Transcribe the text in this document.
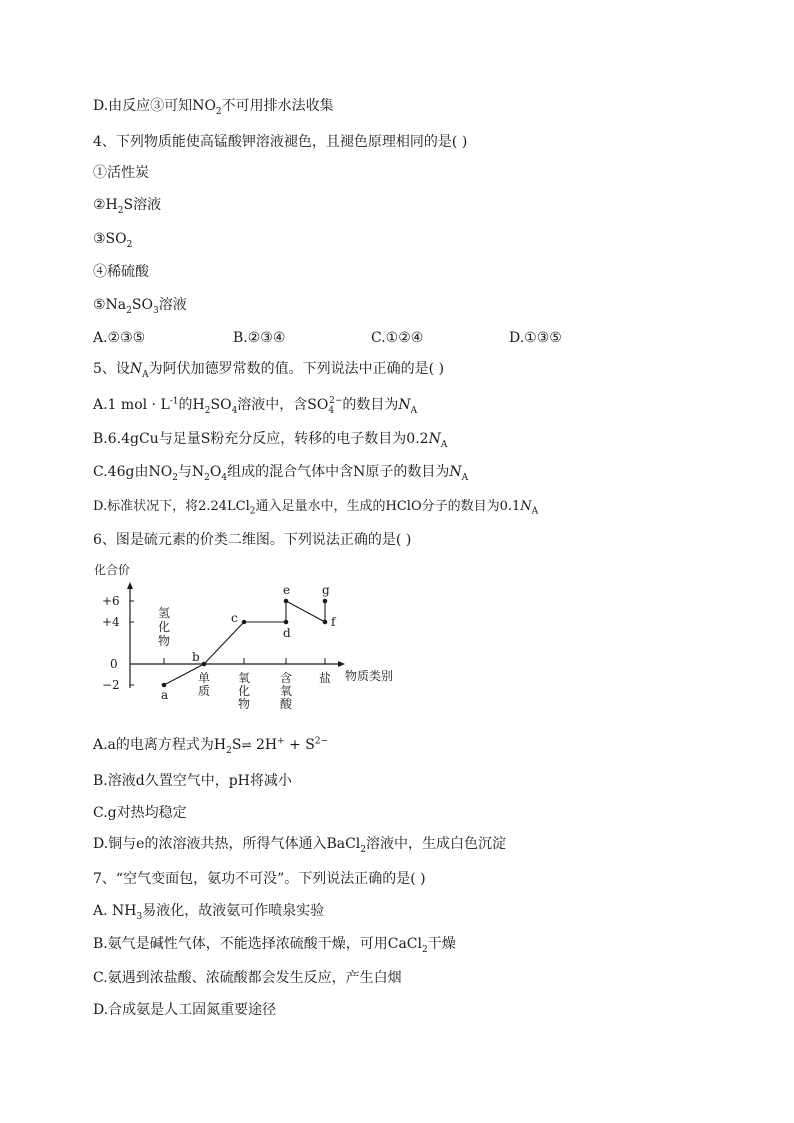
D.由反应③可知$NO_2$不可用排水法收集
4、下列物质能使高锰酸钾溶液褪色，且褪色原理相同的是( )
①活性炭
$②H_2S$溶液
$③SO_2$
④稀硫酸
$⑤Na_2SO_3$溶液
A.②③⑤	B.②③④	C.①②④	D.①③⑤
5、设$N_A$为阿伏加德罗常数的值。下列说法中正确的是( )
A.1 mol · $L^{-1}$的$H_2SO_4$溶液中，含$SO_4^{2-}$的数目为$N_A$
B.6.4gCu与足量S粉充分反应，转移的电子数目为$0.2N_A$
C.46g由$NO_2$与$N_2O_4$组成的混合气体中含N原子的数目为$N_A$
D.标准状况下，将2.24LCl$_2$通入足量水中，生成的HClO分子的数目为$0.1N_A$
6、图是硫元素的价类二维图。下列说法正确的是( )
化合价
物质类别
+6
+4
0
−2
氢
化
物
单
质
氧
化
物
含
氧
酸
盐
a
b
c
d
e
f
g
A.a的电离方程式为$H_2S\rightleftharpoons$ $2H^+ + S^{2-}$
B.溶液d久置空气中，pH将减小
C.g对热均稳定
D.铜与e的浓溶液共热，所得气体通入BaCl$_2$溶液中，生成白色沉淀
7、“空气变面包，氨功不可没”。下列说法正确的是( )
A. $NH_3$易液化，故液氨可作喷泉实验
B.氨气是碱性气体，不能选择浓硫酸干燥，可用CaCl$_2$干燥
C.氨遇到浓盐酸、浓硫酸都会发生反应，产生白烟
D.合成氨是人工固氮重要途径
